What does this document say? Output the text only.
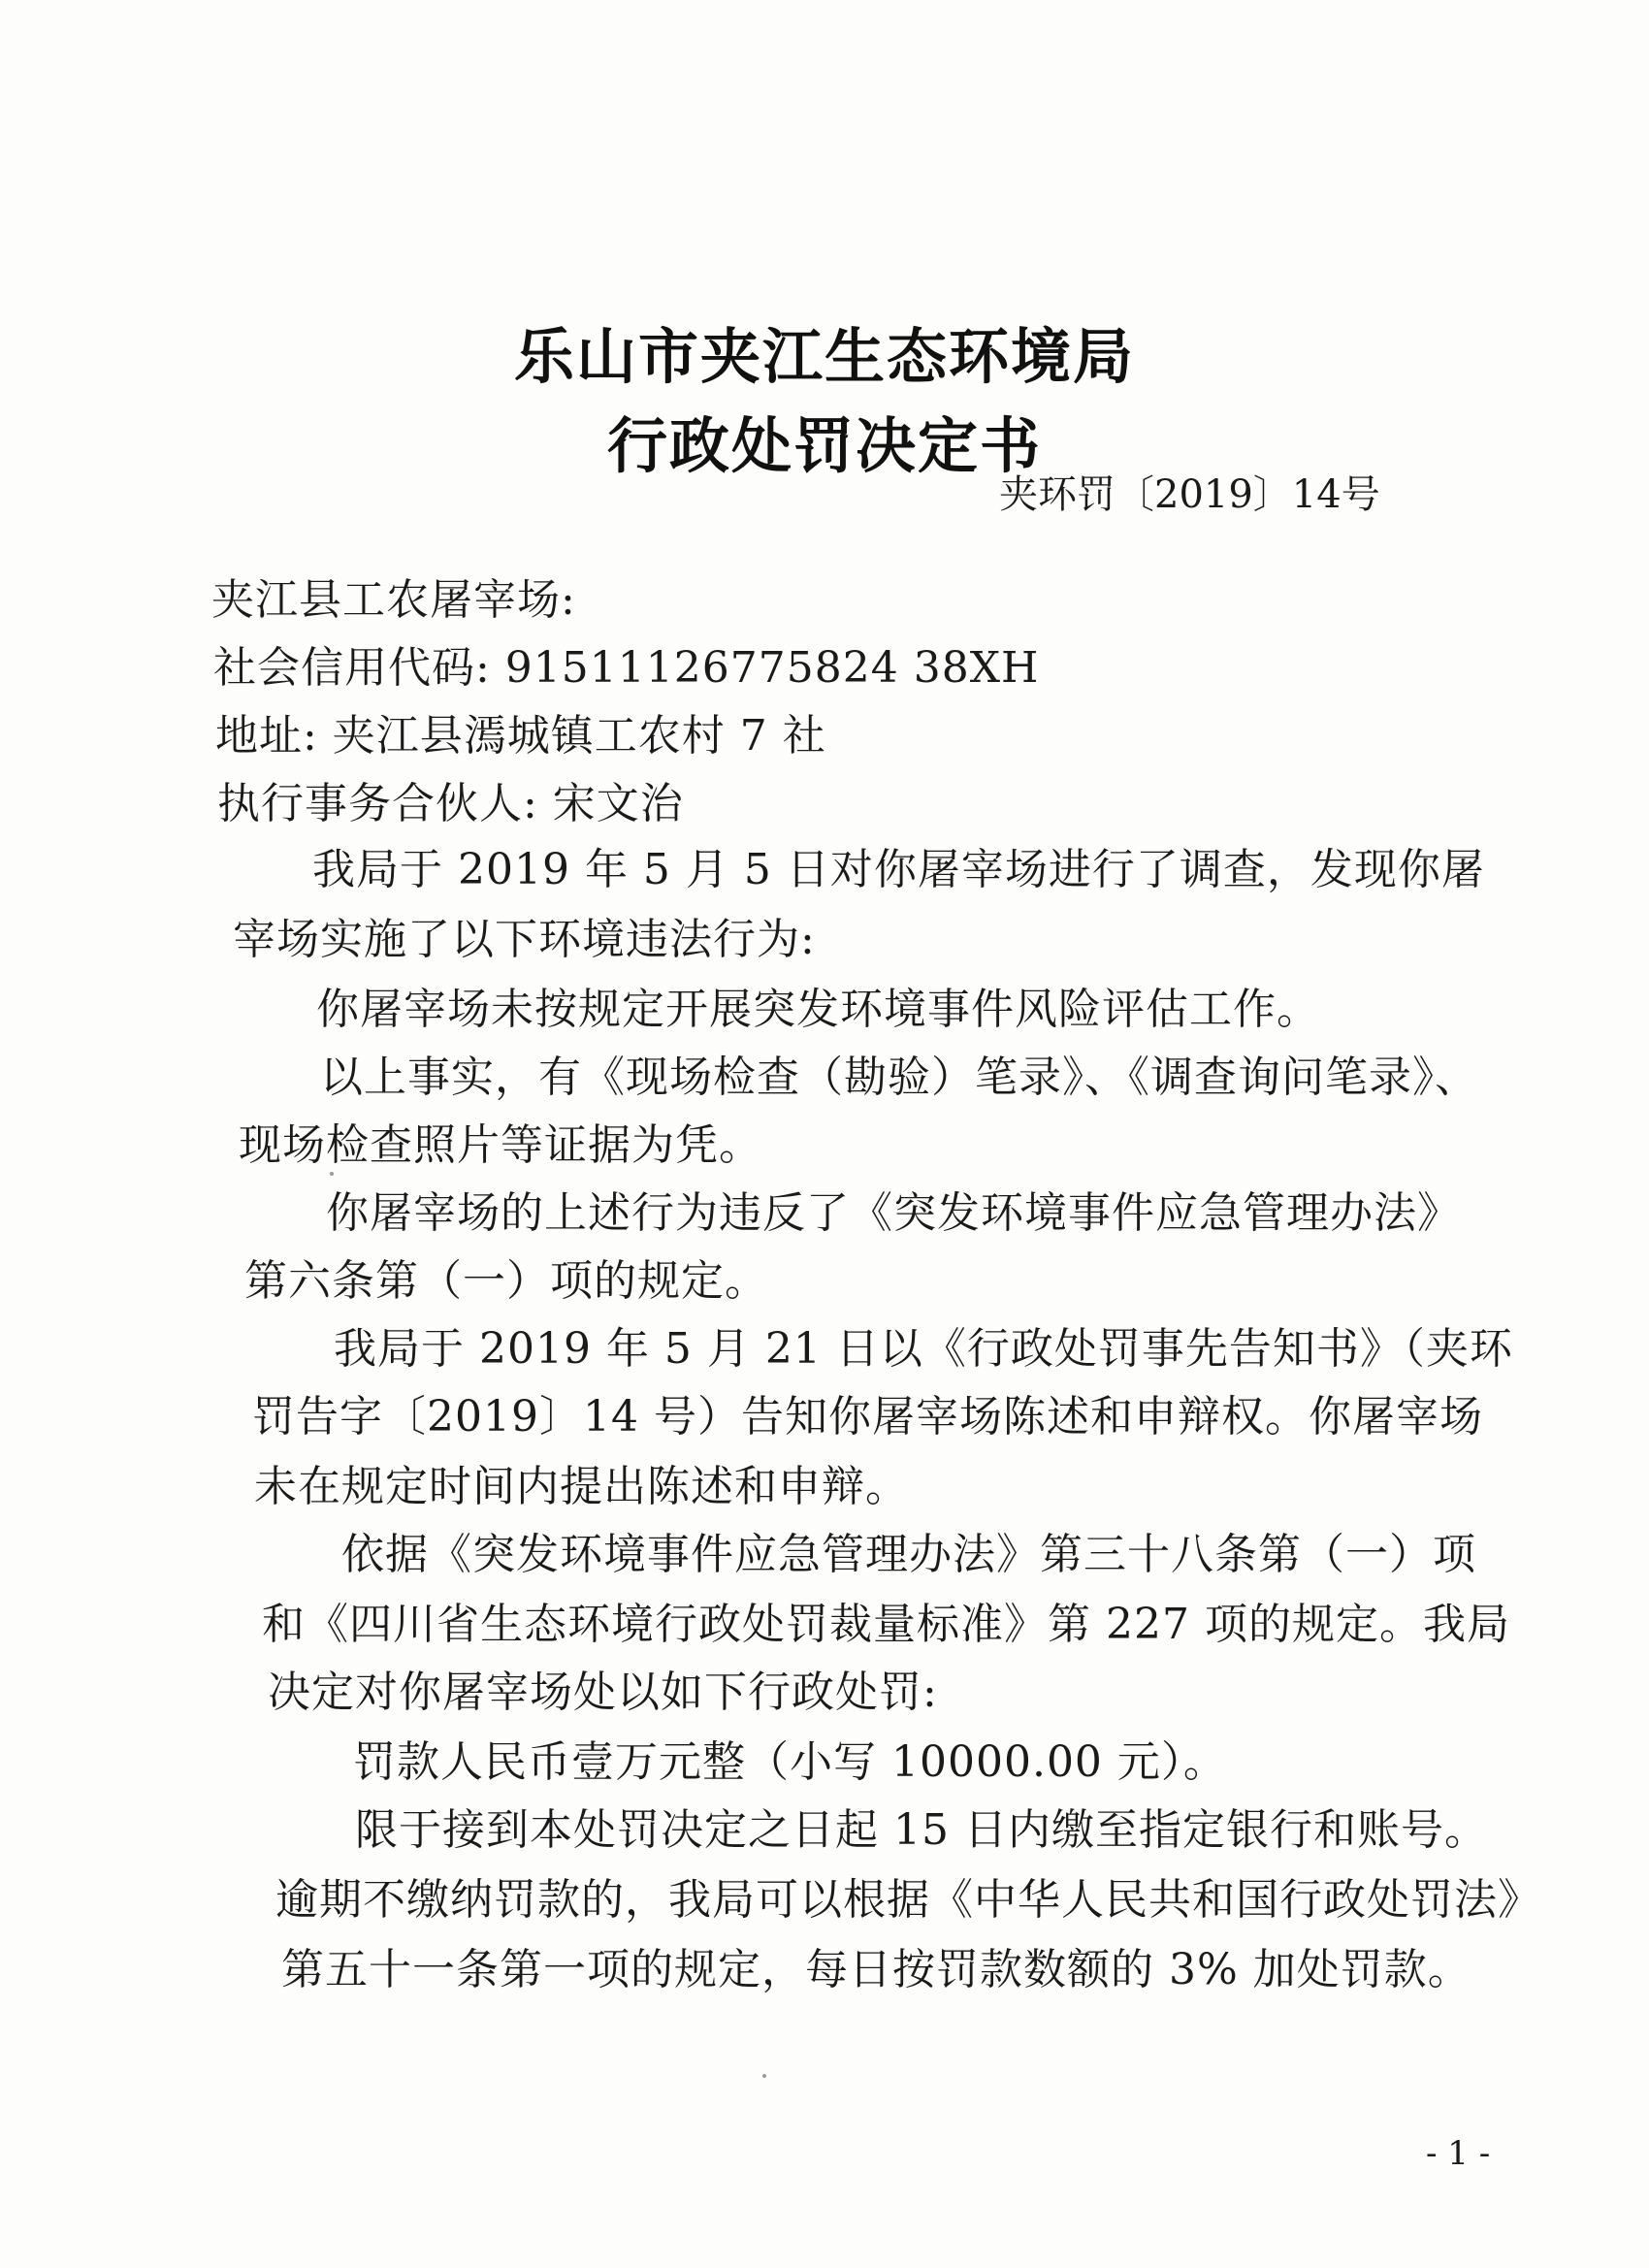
乐山市夹江生态环境局
行政处罚决定书
夹环罚〔2019〕14号
夹江县工农屠宰场:
社会信用代码: 91511126775824 38XH
地址: 夹江县漹城镇工农村 7 社
执行事务合伙人: 宋文治
我局于 2019 年 5 月 5 日对你屠宰场进行了调查，发现你屠
宰场实施了以下环境违法行为:
你屠宰场未按规定开展突发环境事件风险评估工作。
以上事实，有《现场检查（勘验）笔录》、《调查询问笔录》、
现场检查照片等证据为凭。
你屠宰场的上述行为违反了《突发环境事件应急管理办法》
第六条第（一）项的规定。
我局于 2019 年 5 月 21 日以《行政处罚事先告知书》（夹环
罚告字〔2019〕14 号）告知你屠宰场陈述和申辩权。你屠宰场
未在规定时间内提出陈述和申辩。
依据《突发环境事件应急管理办法》第三十八条第（一）项
和《四川省生态环境行政处罚裁量标准》第 227 项的规定。我局
决定对你屠宰场处以如下行政处罚:
罚款人民币壹万元整（小写 10000.00 元）。
限于接到本处罚决定之日起 15 日内缴至指定银行和账号。
逾期不缴纳罚款的，我局可以根据《中华人民共和国行政处罚法》
第五十一条第一项的规定，每日按罚款数额的 3% 加处罚款。
- 1 -
